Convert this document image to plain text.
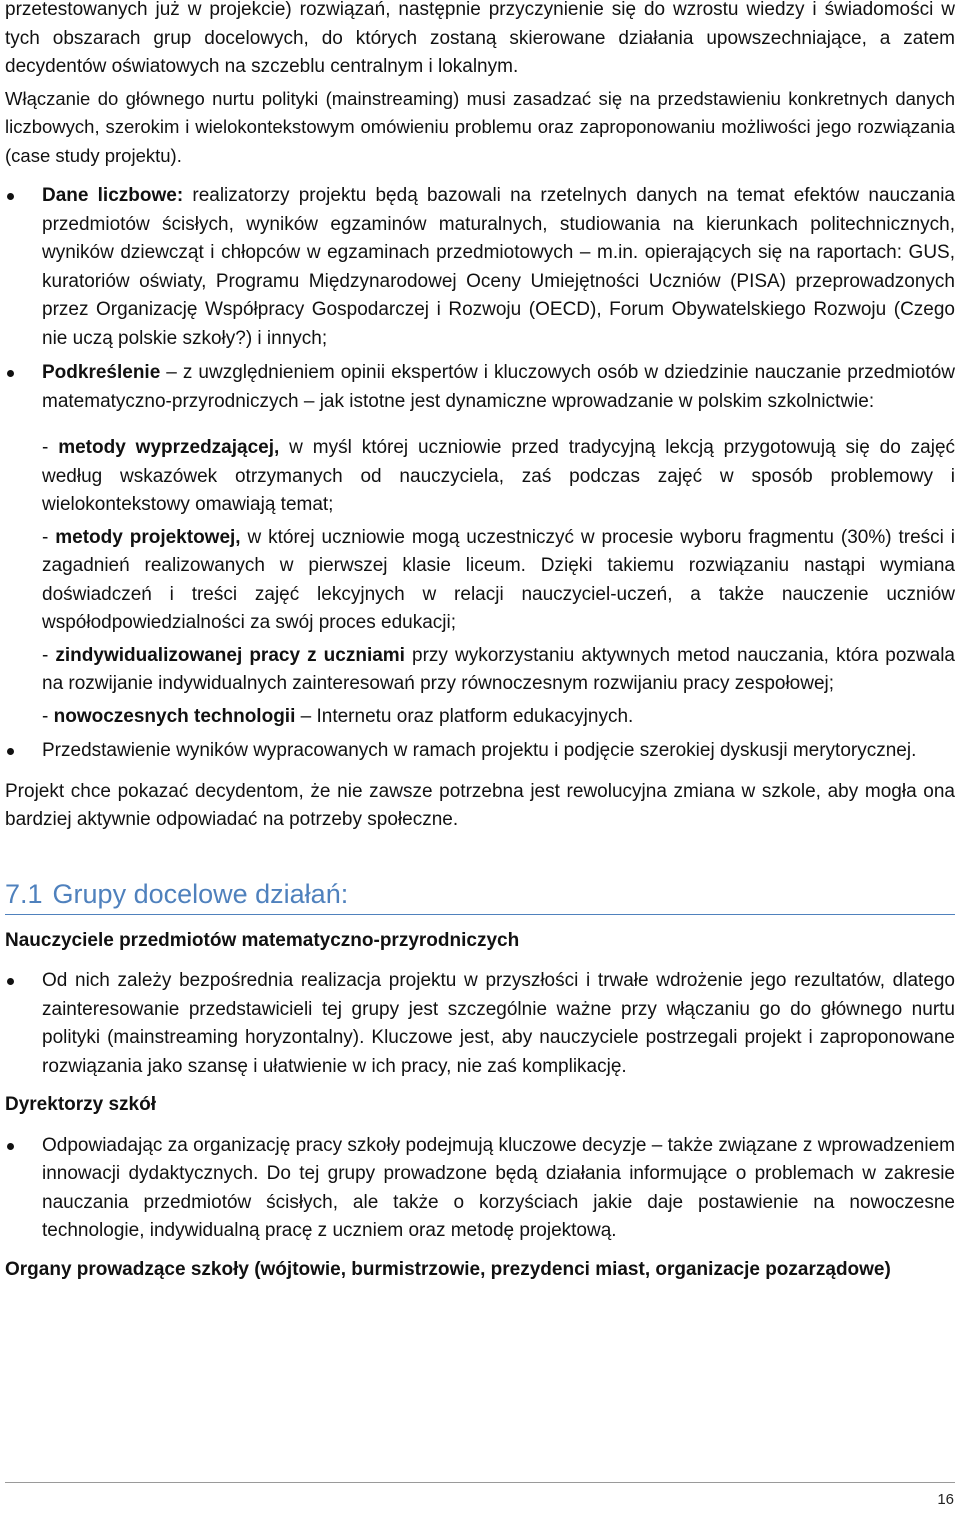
przetestowanych już w projekcie) rozwiązań, następnie przyczynienie się do wzrostu wiedzy i świadomości w tych obszarach grup docelowych, do których zostaną skierowane działania upowszechniające, a zatem decydentów oświatowych na szczeblu centralnym i lokalnym.

Włączanie do głównego nurtu polityki (mainstreaming) musi zasadzać się na przedstawieniu konkretnych danych liczbowych, szerokim i wielokontekstowym omówieniu problemu oraz zaproponowaniu możliwości jego rozwiązania (case study projektu).

Dane liczbowe: realizatorzy projektu będą bazowali na rzetelnych danych na temat efektów nauczania przedmiotów ścisłych, wyników egzaminów maturalnych, studiowania na kierunkach politechnicznych, wyników dziewcząt i chłopców w egzaminach przedmiotowych – m.in. opierających się na raportach: GUS, kuratoriów oświaty, Programu Międzynarodowej Oceny Umiejętności Uczniów (PISA) przeprowadzonych przez Organizację Współpracy Gospodarczej i Rozwoju (OECD), Forum Obywatelskiego Rozwoju (Czego nie uczą polskie szkoły?) i innych;
Podkreślenie – z uwzględnieniem opinii ekspertów i kluczowych osób w dziedzinie nauczanie przedmiotów matematyczno-przyrodniczych – jak istotne jest dynamiczne wprowadzanie w polskim szkolnictwie:

- metody wyprzedzającej, w myśl której uczniowie przed tradycyjną lekcją przygotowują się do zajęć według wskazówek otrzymanych od nauczyciela, zaś podczas zajęć w sposób problemowy i wielokontekstowy omawiają temat;

- metody projektowej, w której uczniowie mogą uczestniczyć w procesie wyboru fragmentu (30%) treści i zagadnień realizowanych w pierwszej klasie liceum. Dzięki takiemu rozwiązaniu nastąpi wymiana doświadczeń i treści zajęć lekcyjnych w relacji nauczyciel-uczeń, a także nauczenie uczniów współodpowiedzialności za swój proces edukacji;

- zindywidualizowanej pracy z uczniami przy wykorzystaniu aktywnych metod nauczania, która pozwala na rozwijanie indywidualnych zainteresowań przy równoczesnym rozwijaniu pracy zespołowej;

- nowoczesnych technologii – Internetu oraz platform edukacyjnych.

Przedstawienie wyników wypracowanych w ramach projektu i podjęcie szerokiej dyskusji merytorycznej.

Projekt chce pokazać decydentom, że nie zawsze potrzebna jest rewolucyjna zmiana w szkole, aby mogła ona bardziej aktywnie odpowiadać na potrzeby społeczne.

7.1 Grupy docelowe działań:
Nauczyciele przedmiotów matematyczno-przyrodniczych
Od nich zależy bezpośrednia realizacja projektu w przyszłości i trwałe wdrożenie jego rezultatów, dlatego zainteresowanie przedstawicieli tej grupy jest szczególnie ważne przy włączaniu go do głównego nurtu polityki (mainstreaming horyzontalny). Kluczowe jest, aby nauczyciele postrzegali projekt i zaproponowane rozwiązania jako szansę i ułatwienie w ich pracy, nie zaś komplikację.
Dyrektorzy szkół
Odpowiadając za organizację pracy szkoły podejmują kluczowe decyzje – także związane z wprowadzeniem innowacji dydaktycznych. Do tej grupy prowadzone będą działania informujące o problemach w zakresie nauczania przedmiotów ścisłych, ale także o korzyściach jakie daje postawienie na nowoczesne technologie, indywidualną pracę z uczniem oraz metodę projektową.
Organy prowadzące szkoły (wójtowie, burmistrzowie, prezydenci miast, organizacje pozarządowe)
16
